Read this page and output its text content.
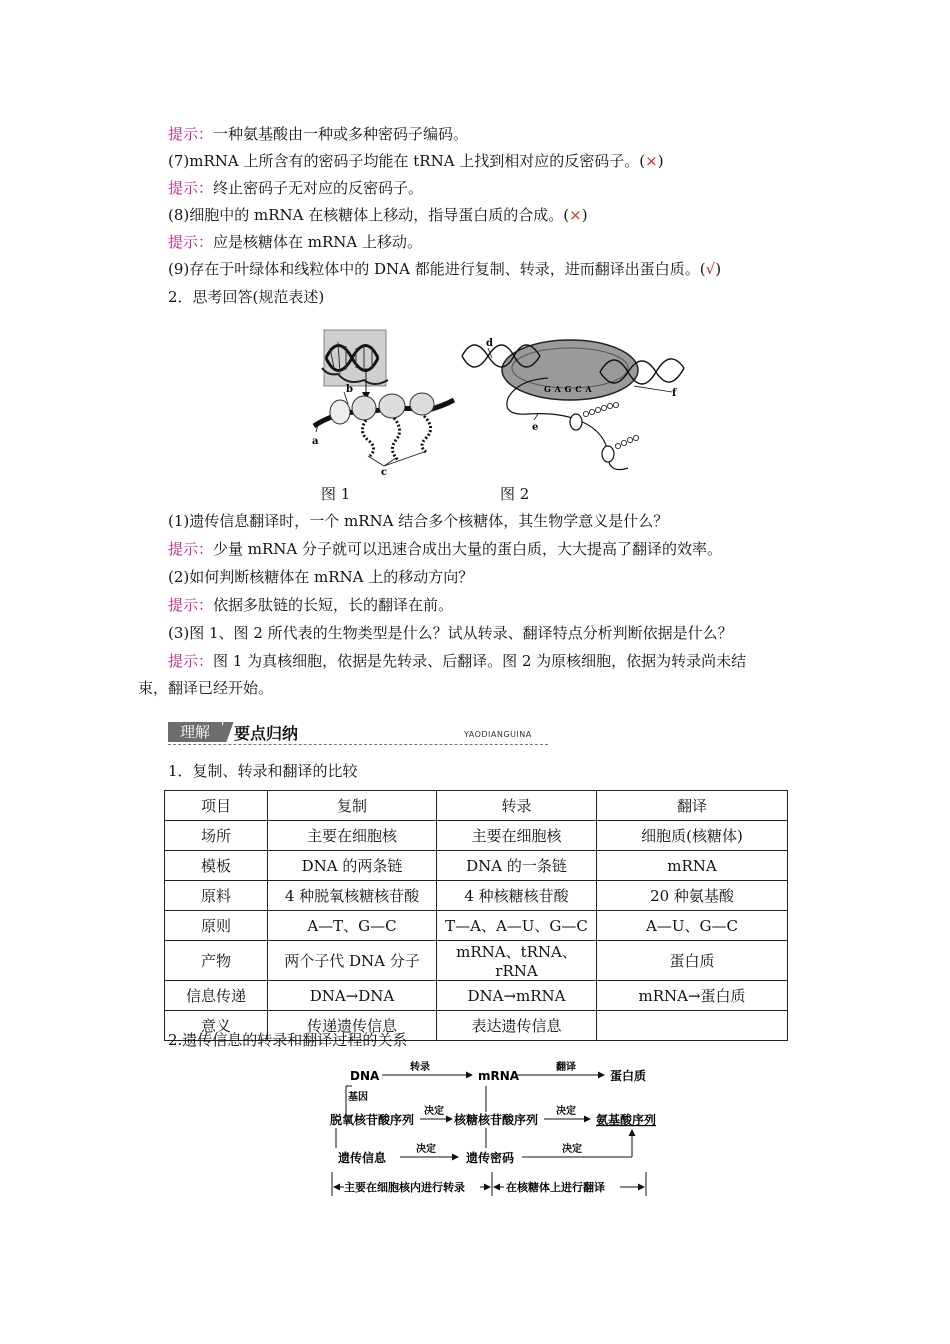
提示：一种氨基酸由一种或多种密码子编码。
(7)mRNA 上所含有的密码子均能在 tRNA 上找到相对应的反密码子。(×)
提示：终止密码子无对应的反密码子。
(8)细胞中的 mRNA 在核糖体上移动，指导蛋白质的合成。(×)
提示：应是核糖体在 mRNA 上移动。
(9)存在于叶绿体和线粒体中的 DNA 都能进行复制、转录，进而翻译出蛋白质。(√)
2．思考回答(规范表述)
b
a
c
G A G C A
d
f
e
图 1	图 2
(1)遗传信息翻译时，一个 mRNA 结合多个核糖体，其生物学意义是什么？
提示：少量 mRNA 分子就可以迅速合成出大量的蛋白质，大大提高了翻译的效率。
(2)如何判断核糖体在 mRNA 上的移动方向？
提示：依据多肽链的长短，长的翻译在前。
(3)图 1、图 2 所代表的生物类型是什么？试从转录、翻译特点分析判断依据是什么？
提示：图 1 为真核细胞，依据是先转录、后翻译。图 2 为原核细胞，依据为转录尚未结
束，翻译已经开始。
理解	要点归纳	YAODIANGUINA
1．复制、转录和翻译的比较
项目	复制	转录	翻译
场所	主要在细胞核	主要在细胞核	细胞质(核糖体)
模板	DNA 的两条链	DNA 的一条链	mRNA
原料	4 种脱氧核糖核苷酸	4 种核糖核苷酸	20 种氨基酸
原则	A—T、G—C	T—A、A—U、G—C	A—U、G—C
产物	两个子代 DNA 分子	mRNA、tRNA、rRNA	蛋白质
信息传递	DNA→DNA	DNA→mRNA	mRNA→蛋白质
意义	传递遗传信息	表达遗传信息	
2.遗传信息的转录和翻译过程的关系
DNA	mRNA	蛋白质
转录	翻译
基因
脱氧核苷酸序列
决定
核糖核苷酸序列
决定
氨基酸序列
遗传信息
决定
遗传密码
决定
主要在细胞核内进行转录	在核糖体上进行翻译
